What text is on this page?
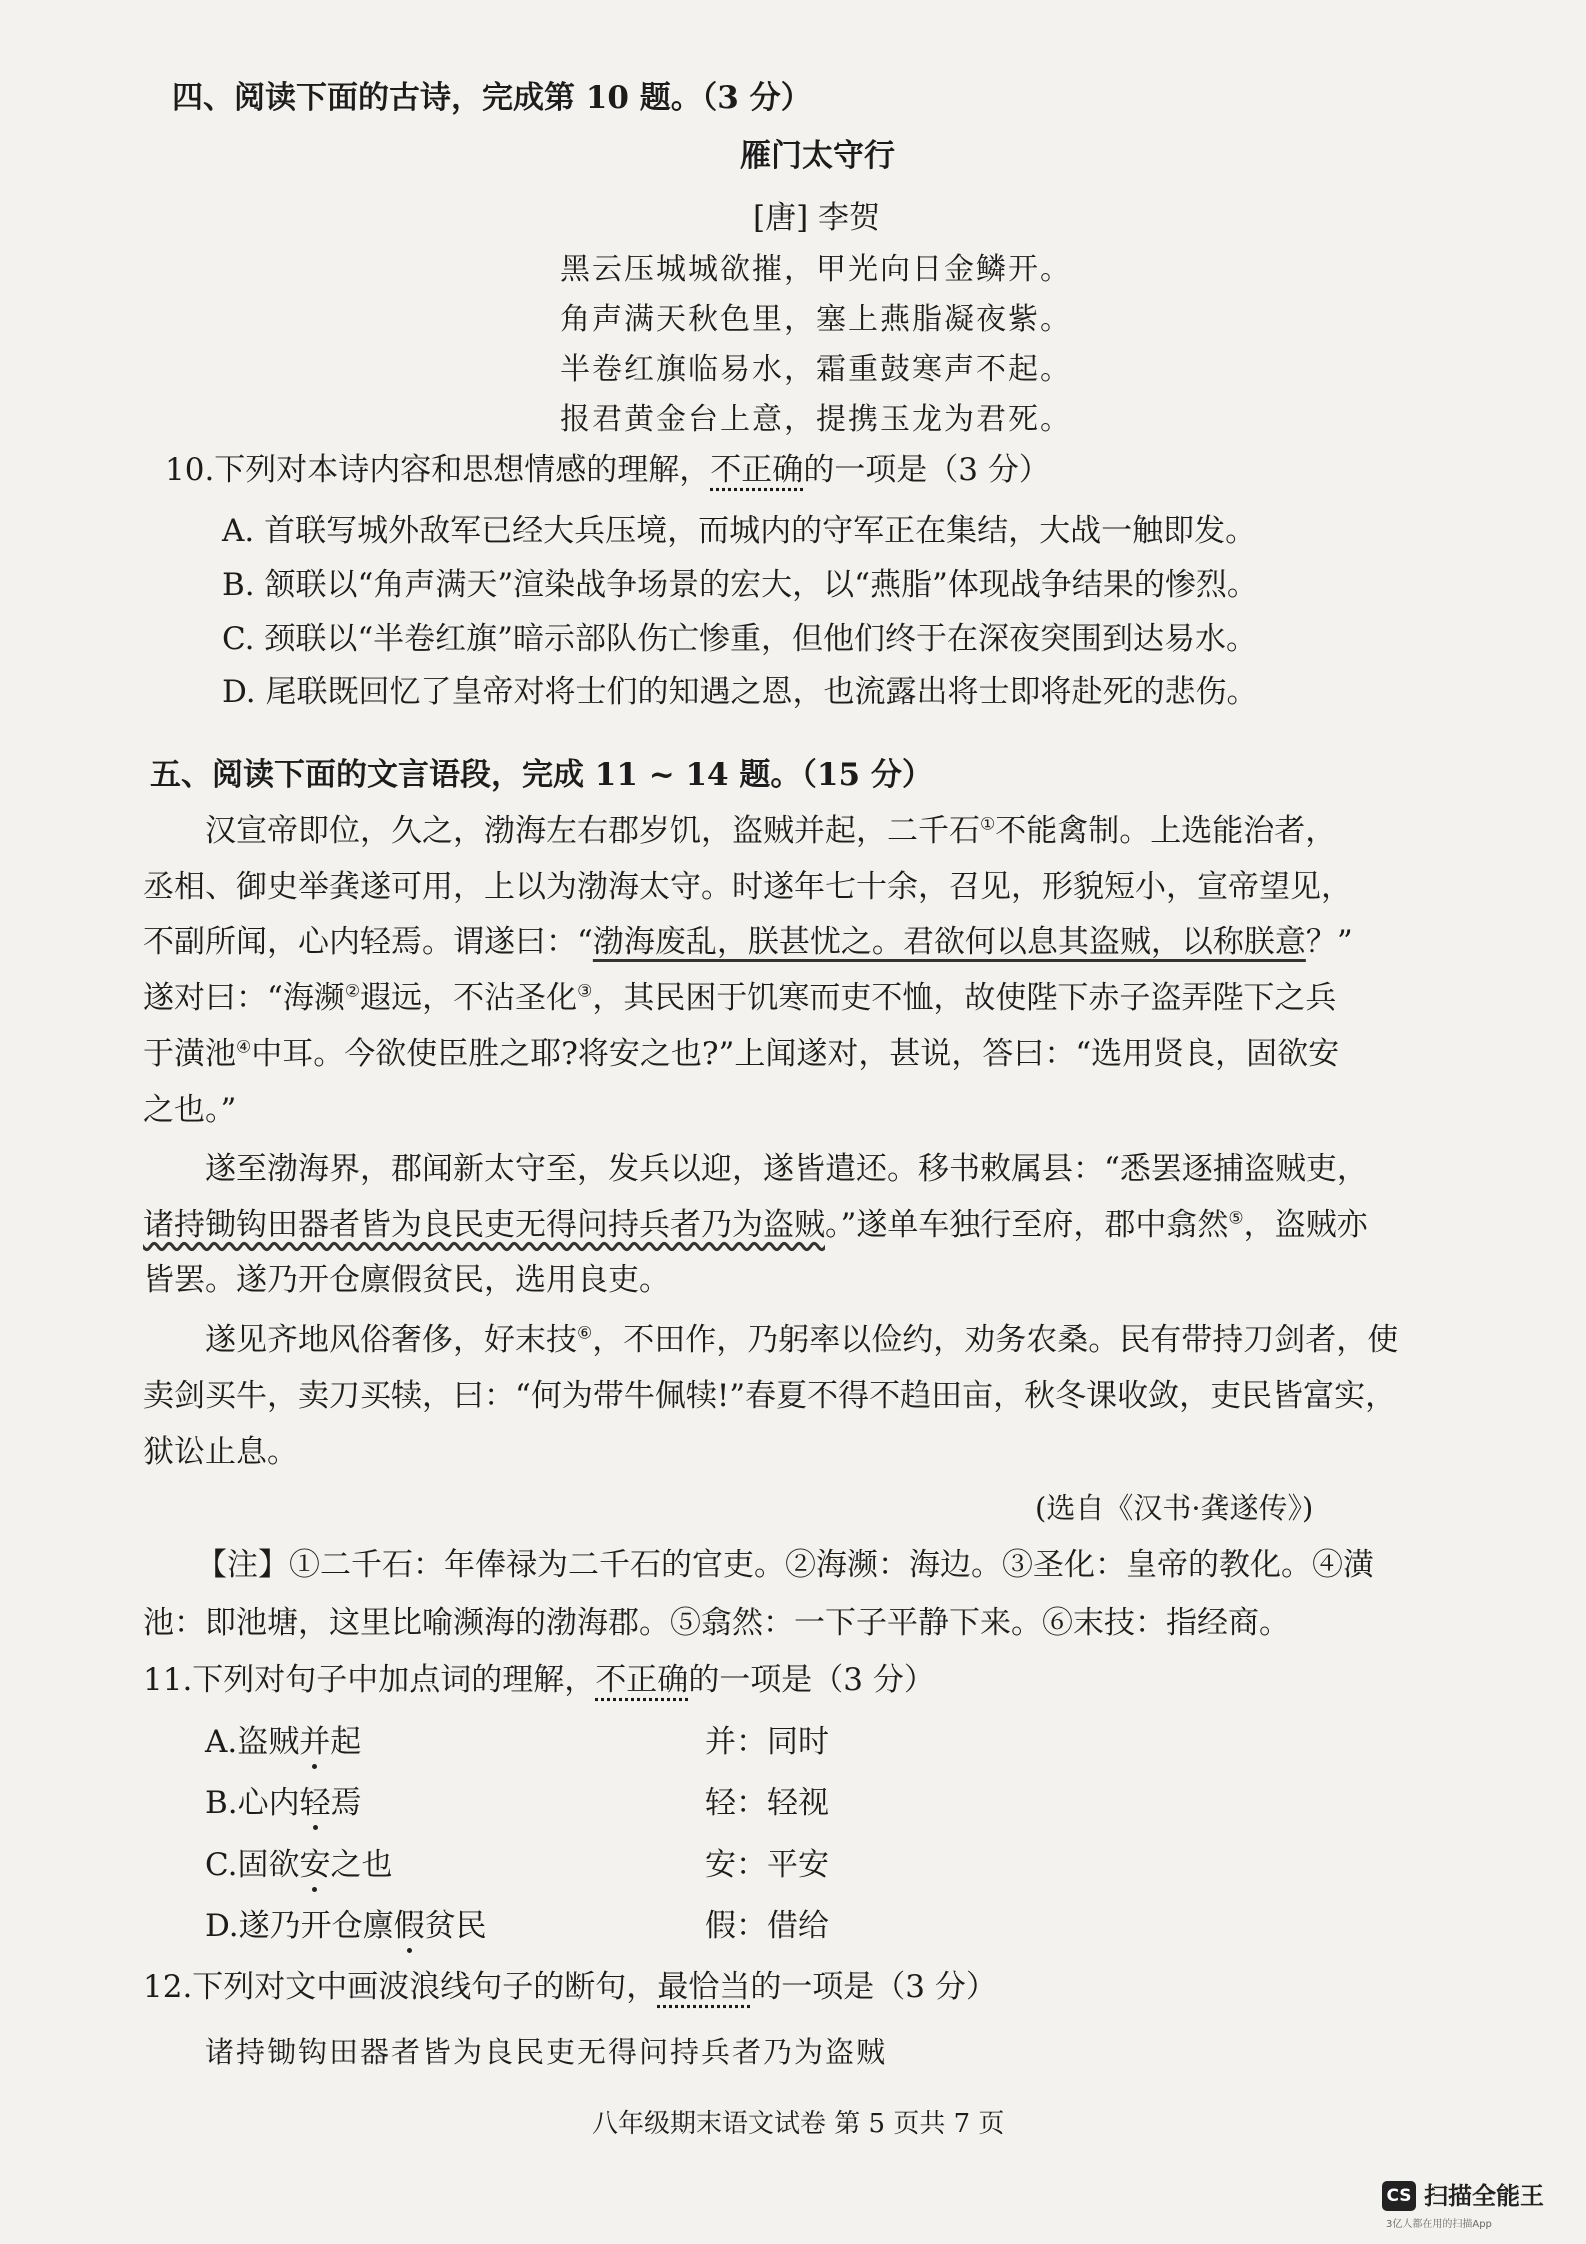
四、阅读下面的古诗，完成第 10 题。（3 分）
雁门太守行
[唐] 李贺
黑云压城城欲摧，甲光向日金鳞开。
角声满天秋色里，塞上燕脂凝夜紫。
半卷红旗临易水，霜重鼓寒声不起。
报君黄金台上意，提携玉龙为君死。
10.下列对本诗内容和思想情感的理解，不正确的一项是（3 分）
A. 首联写城外敌军已经大兵压境，而城内的守军正在集结，大战一触即发。
B. 颔联以“角声满天”渲染战争场景的宏大，以“燕脂”体现战争结果的惨烈。
C. 颈联以“半卷红旗”暗示部队伤亡惨重，但他们终于在深夜突围到达易水。
D. 尾联既回忆了皇帝对将士们的知遇之恩，也流露出将士即将赴死的悲伤。
五、阅读下面的文言语段，完成 11 ~ 14 题。（15 分）
汉宣帝即位，久之，渤海左右郡岁饥，盗贼并起，二千石①不能禽制。上选能治者，
丞相、御史举龚遂可用，上以为渤海太守。时遂年七十余，召见，形貌短小，宣帝望见，
不副所闻，心内轻焉。谓遂曰：“渤海废乱，朕甚忧之。君欲何以息其盗贼，以称朕意？”
遂对曰：“海濒②遐远，不沾圣化③，其民困于饥寒而吏不恤，故使陛下赤子盗弄陛下之兵
于潢池④中耳。今欲使臣胜之耶?将安之也?”上闻遂对，甚说，答曰：“选用贤良，固欲安
之也。”
遂至渤海界，郡闻新太守至，发兵以迎，遂皆遣还。移书敕属县：“悉罢逐捕盗贼吏，
诸持锄钩田器者皆为良民吏无得问持兵者乃为盗贼。”遂单车独行至府，郡中翕然⑤，盗贼亦
皆罢。遂乃开仓廪假贫民，选用良吏。
遂见齐地风俗奢侈，好末技⑥，不田作，乃躬率以俭约，劝务农桑。民有带持刀剑者，使
卖剑买牛，卖刀买犊，曰：“何为带牛佩犊!”春夏不得不趋田亩，秋冬课收敛，吏民皆富实，
狱讼止息。
(选自《汉书·龚遂传》)
【注】①二千石：年俸禄为二千石的官吏。②海濒：海边。③圣化：皇帝的教化。④潢
池：即池塘，这里比喻濒海的渤海郡。⑤翕然：一下子平静下来。⑥末技：指经商。
11.下列对句子中加点词的理解，不正确的一项是（3 分）
A.盗贼并起	并：同时
B.心内轻焉	轻：轻视
C.固欲安之也	安：平安
D.遂乃开仓廪假贫民	假：借给
12.下列对文中画波浪线句子的断句，最恰当的一项是（3 分）
诸持锄钩田器者皆为良民吏无得问持兵者乃为盗贼
八年级期末语文试卷 第 5 页共 7 页
CS 扫描全能王
3亿人都在用的扫描App
